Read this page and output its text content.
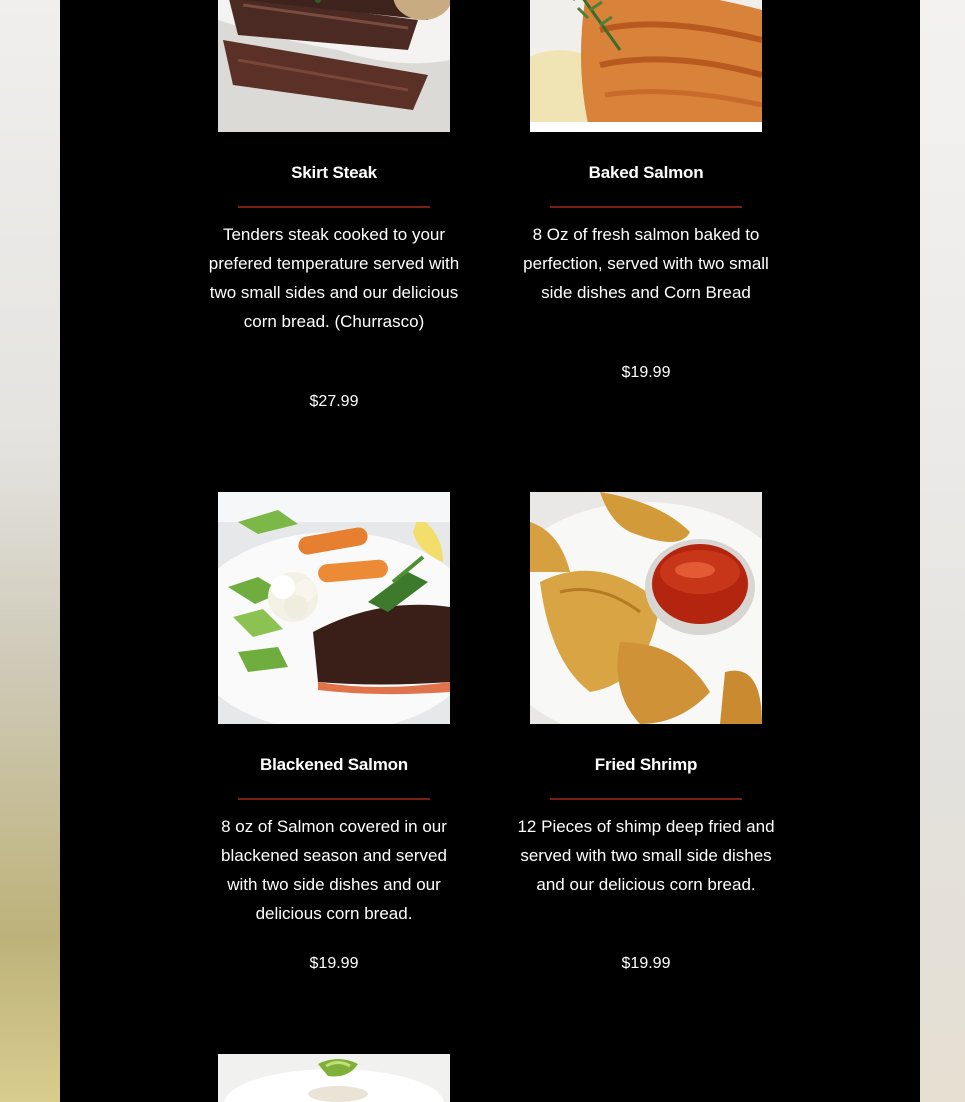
Skirt Steak
Tenders steak cooked to your prefered temperature served with two small sides and our delicious corn bread. (Churrasco)
$27.99
Baked Salmon
8 Oz of fresh salmon baked to perfection, served with two small side dishes and Corn Bread
$19.99
Blackened Salmon
8 oz of Salmon covered in our blackened season and served with two side dishes and our delicious corn bread.
$19.99
Fried Shrimp
12 Pieces of shimp deep fried and served with two small side dishes and our delicious corn bread.
$19.99
